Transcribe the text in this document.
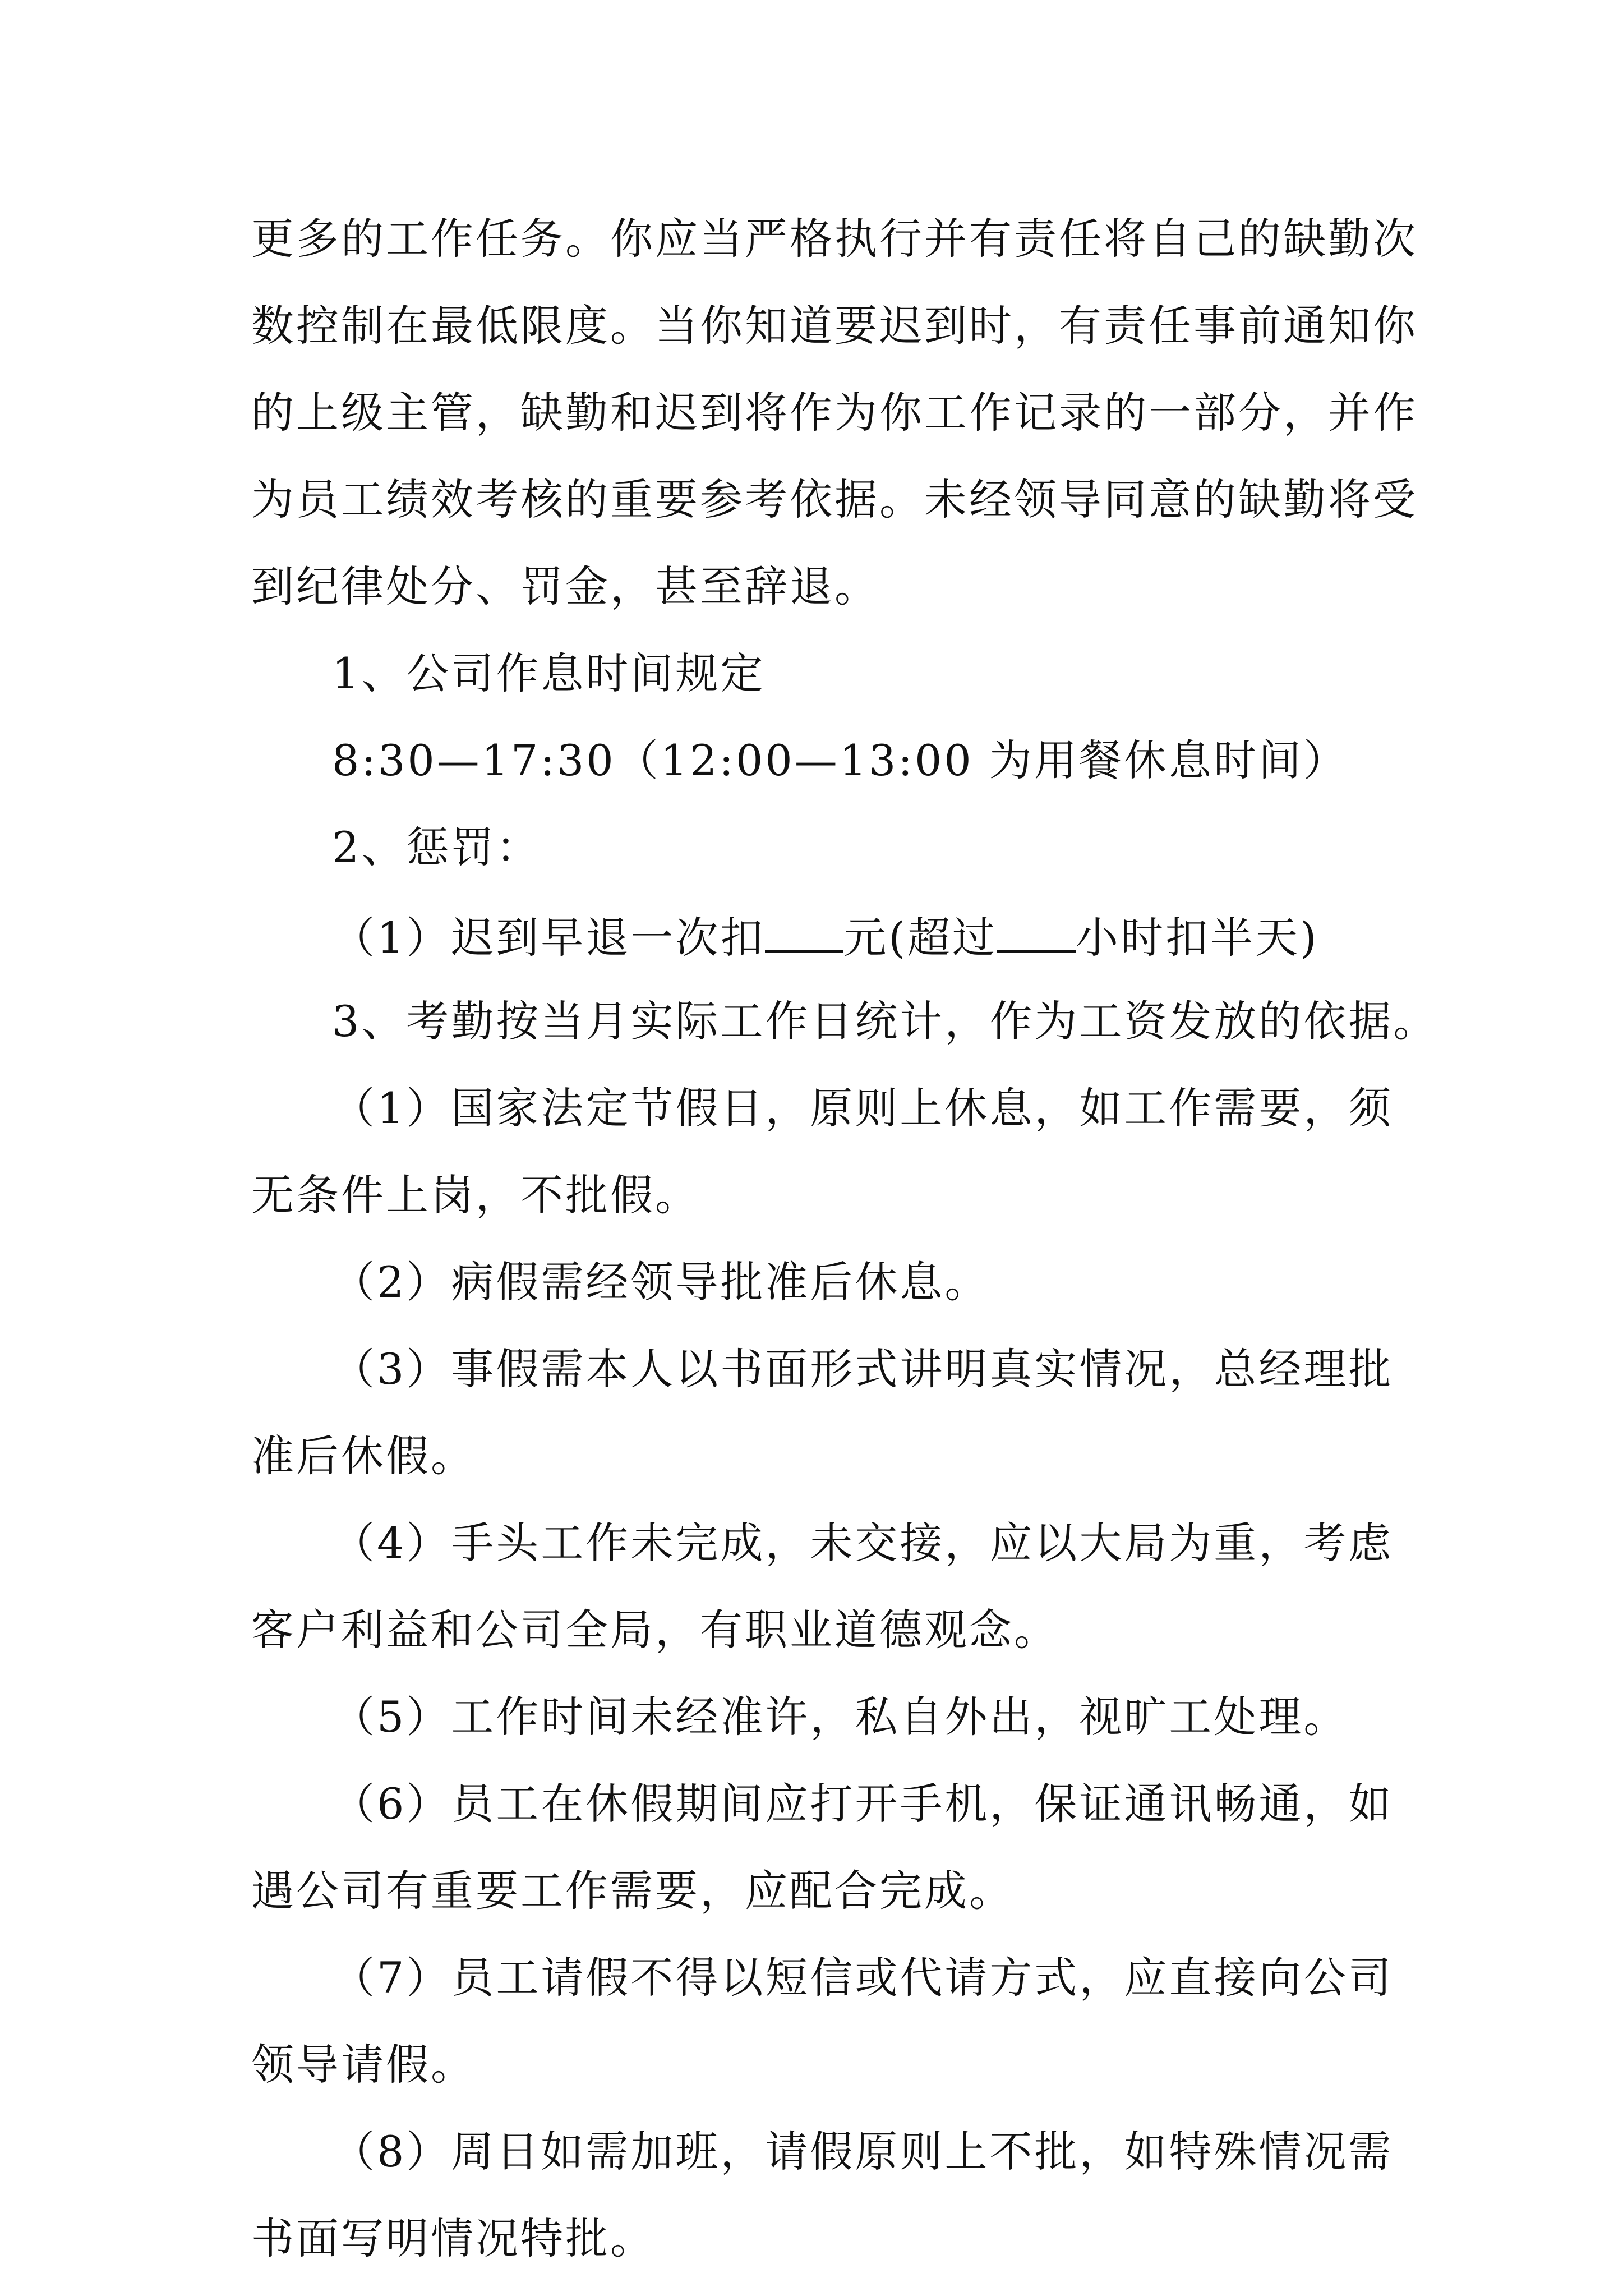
更多的工作任务。你应当严格执行并有责任将自己的缺勤次
数控制在最低限度。当你知道要迟到时，有责任事前通知你
的上级主管，缺勤和迟到将作为你工作记录的一部分，并作
为员工绩效考核的重要参考依据。未经领导同意的缺勤将受
到纪律处分、罚金，甚至辞退。
1、公司作息时间规定
8:30—17:30（12:00—13:00 为用餐休息时间）
2、惩罚：
（1）迟到早退一次扣 元(超过 小时扣半天)
3、考勤按当月实际工作日统计，作为工资发放的依据。
（1）国家法定节假日，原则上休息，如工作需要，须
无条件上岗，不批假。
（2）病假需经领导批准后休息。
（3）事假需本人以书面形式讲明真实情况，总经理批
准后休假。
（4）手头工作未完成，未交接，应以大局为重，考虑
客户利益和公司全局，有职业道德观念。
（5）工作时间未经准许，私自外出，视旷工处理。
（6）员工在休假期间应打开手机，保证通讯畅通，如
遇公司有重要工作需要，应配合完成。
（7）员工请假不得以短信或代请方式，应直接向公司
领导请假。
（8）周日如需加班，请假原则上不批，如特殊情况需
书面写明情况特批。
